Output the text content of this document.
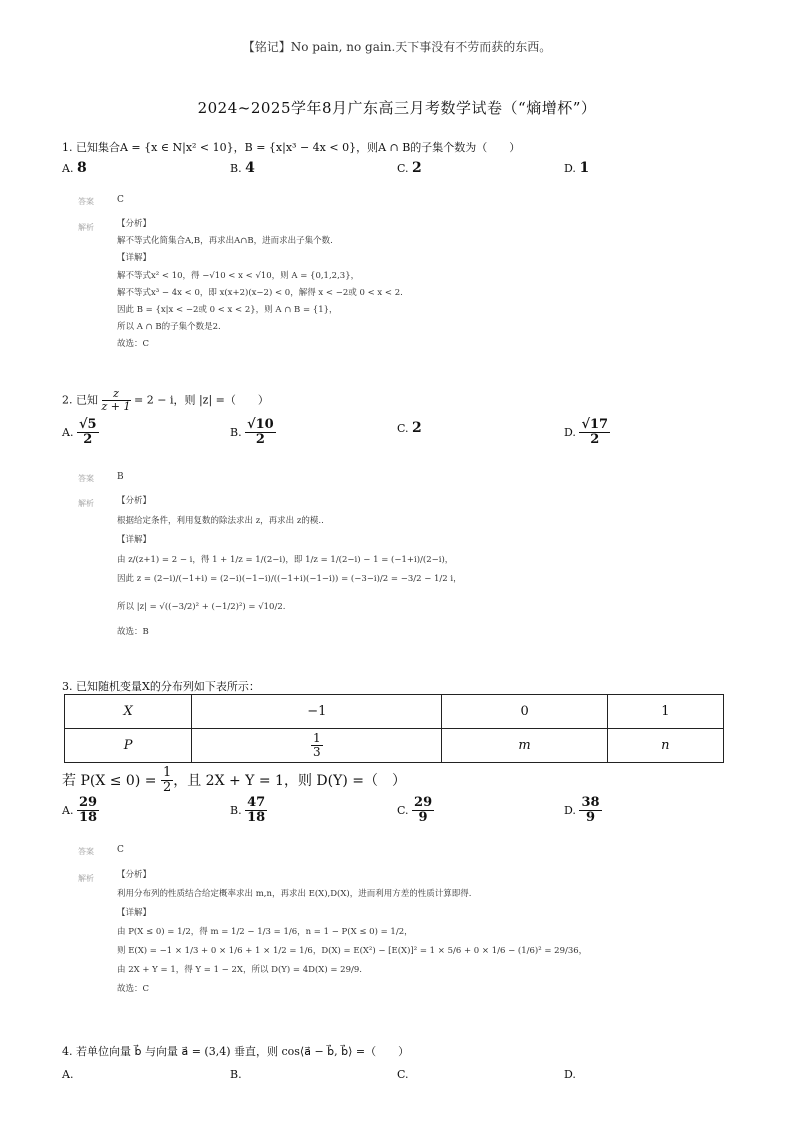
【铭记】No pain, no gain.天下事没有不劳而获的东西。
2024~2025学年8月广东高三月考数学试卷（“熵增杯”）
1. 已知集合A = {x ∈ N|x² < 10}，B = {x|x³ − 4x < 0}，则A ∩ B的子集个数为（　　）
A. 8	B. 4	C. 2	D. 1
答案	C
解析	【分析】
解不等式化简集合A,B，再求出A∩B，进而求出子集个数.
【详解】
解不等式x² < 10，得 −√10 < x < √10，则 A = {0,1,2,3}，
解不等式x³ − 4x < 0，即 x(x+2)(x−2) < 0，解得 x < −2或 0 < x < 2.
因此 B = {x|x < −2或 0 < x < 2}，则 A ∩ B = {1}，
所以 A ∩ B的子集个数是2.
故选：C
2. 已知 $\frac{z}{z + 1} = 2 - i$，则 |z| =（　　）
A. $\frac{√5}{2}$	B. $\frac{√10}{2}$	C. 2	D. $\frac{√17}{2}$
答案	B
解析	【分析】
根据给定条件，利用复数的除法求出 z，再求出 z的模..
【详解】
由 z/(z+1) = 2 − i，得 1 + 1/z = 1/(2−i)，即 1/z = 1/(2−i) − 1 = (−1+i)/(2−i)，
因此 z = (2−i)/(−1+i) = (2−i)(−1−i)/((−1+i)(−1−i)) = (−3−i)/2 = −3/2 − 1/2 i，
所以 |z| = √((−3/2)² + (−1/2)²) = √10/2.
故选：B
3. 已知随机变量X的分布列如下表所示：
X	−1	0	1
P	$\frac{1}{3}$	m	n
若 $P(X \le 0) = \frac{1}{2}$ ，且 2X + Y = 1，则 D(Y) =（　）
A. $\frac{29}{18}$	B. $\frac{47}{18}$	C. $\frac{29}{9}$	D. $\frac{38}{9}$
答案	C
解析	【分析】
利用分布列的性质结合给定概率求出 m,n，再求出 E(X),D(X)，进而利用方差的性质计算即得.
【详解】
由 P(X ≤ 0) = 1/2，得 m = 1/2 − 1/3 = 1/6，n = 1 − P(X ≤ 0) = 1/2，
则 E(X) = −1 × 1/3 + 0 × 1/6 + 1 × 1/2 = 1/6，D(X) = E(X²) − [E(X)]² = 1 × 5/6 + 0 × 1/6 − (1/6)² = 29/36，
由 2X + Y = 1，得 Y = 1 − 2X，所以 D(Y) = 4D(X) = 29/9.
故选：C
4. 若单位向量 b⃗ 与向量 a⃗ = (3,4) 垂直，则 cos⟨a⃗ − b⃗, b⃗⟩ =（　　）
A.	B.	C.	D.
